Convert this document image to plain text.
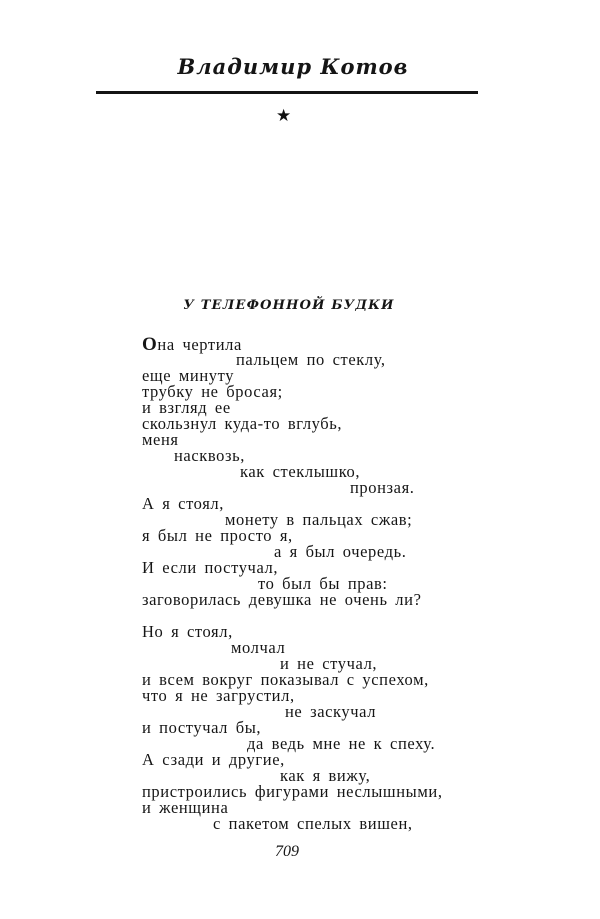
Владимир Котов
★
У ТЕЛЕФОННОЙ БУДКИ
Она чертила
пальцем по стеклу,
еще минуту
трубку не бросая;
и взгляд ее
скользнул куда-то вглубь,
меня
насквозь,
как стеклышко,
пронзая.
А я стоял,
монету в пальцах сжав;
я был не просто я,
а я был очередь.
И если постучал,
то был бы прав:
заговорилась девушка не очень ли?
Но я стоял,
молчал
и не стучал,
и всем вокруг показывал с успехом,
что я не загрустил,
не заскучал
и постучал бы,
да ведь мне не к спеху.
А сзади и другие,
как я вижу,
пристроились фигурами неслышными,
и женщина
с пакетом спелых вишен,
709
